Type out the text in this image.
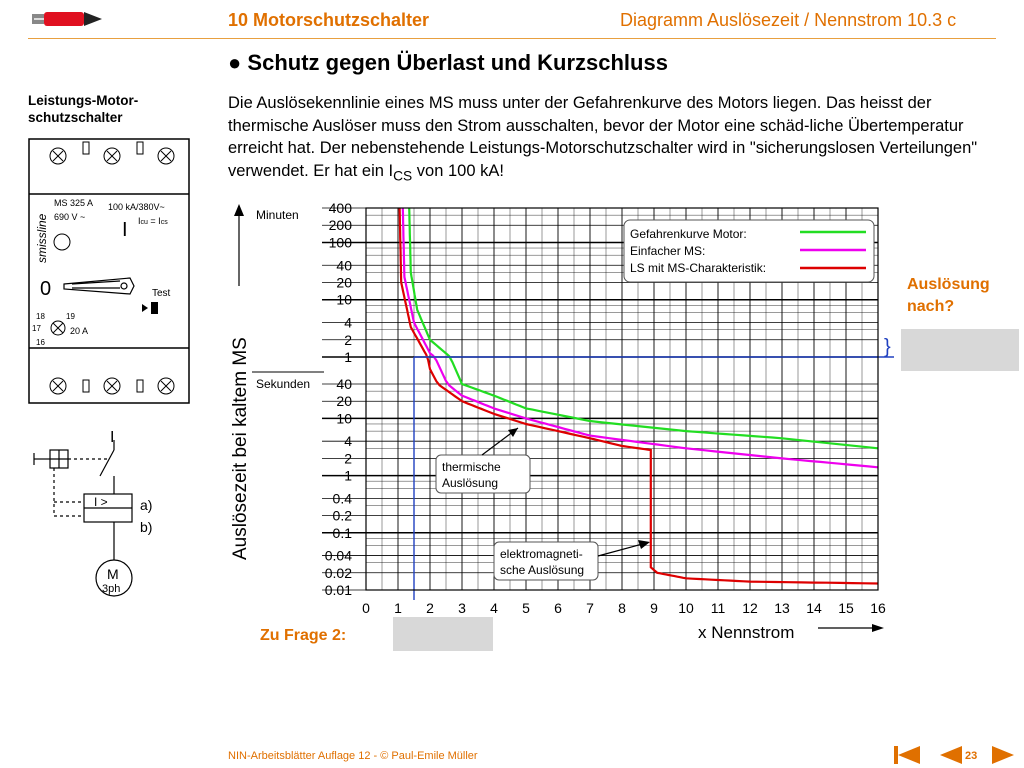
10 Motorschutzschalter	Diagramm Auslösezeit / Nennstrom 10.3 c
● Schutz gegen Überlast und Kurzschluss
Die Auslösekennlinie eines MS muss unter der Gefahrenkurve des Motors liegen. Das heisst der thermische Auslöser muss den Strom ausschalten, bevor der Motor eine schäd-liche Übertemperatur erreicht hat. Der nebenstehende Leistungs-Motorschutzschalter wird in "sicherungslosen Verteilungen" verwendet. Er hat ein $I_{CS}$ von 100 kA!
Leistungs-Motor-schutzschalter
smissline
MS 325 A
690 V ~
100 kA/380V~
Icu = Ics
I
0	Test
18	19
17
16
20 A
I
I > a)
b)
M
3ph
0 1 2 3 4 5 6 7 8 9 10 11 12 13 14 15 16
400
200
100
40
20
10
4
2
1
40
20
10
4
2
1
0.4
0.2
0.1
0.04
0.02
0.01
Auslösezeit bei kaltem MS
Minuten
Sekunden
x Nennstrom
Gefahrenkurve Motor:
Einfacher MS:
LS mit MS-Charakteristik:
thermische Auslösung
elektromagneti-sche Auslösung
Auslösung nach?
}
Zu Frage 2:
NIN-Arbeitsblätter Auflage 12 - © Paul-Emile Müller	23
